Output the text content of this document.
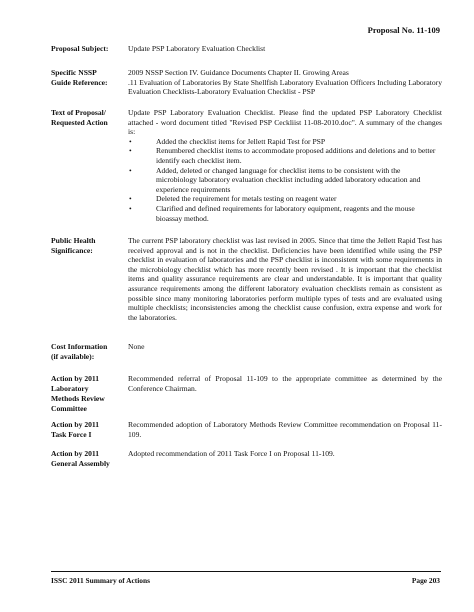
Proposal No. 11-109
Proposal Subject:	Update PSP Laboratory Evaluation Checklist

Specific NSSP
Guide Reference:

2009 NSSP Section IV. Guidance Documents Chapter II. Growing Areas

.11 Evaluation of Laboratories By State Shellfish Laboratory Evaluation Officers Including Laboratory Evaluation Checklists-Laboratory Evaluation Checklist - PSP

Text of Proposal/
Requested Action

Update PSP Laboratory Evaluation Checklist. Please find the updated PSP Laboratory Checklist attached - word document titled "Revised PSP Ceckliist 11-08-2010.doc". A summary of the changes is:

•	Added the checklist items for Jellett Rapid Test for PSP
•	Renumbered checklist items to accommodate proposed additions and deletions and to better identify each checklist item.
•	Added, deleted or changed language for checklist items to be consistent with the microbiology laboratory evaluation checklist including added laboratory education and experience requirements
•	Deleted the requirement for metals testing on reagent water
•	Clarified and defined requirements for laboratory equipment, reagents and the mouse bioassay method.
Public Health
Significance:

The current PSP laboratory checklist was last revised in 2005. Since that time the Jellett Rapid Test has received approval and is not in the checklist. Deficiencies have been identified while using the PSP checklist in evaluation of laboratories and the PSP checklist is inconsistent with some requirements in the microbiology checklist which has more recently been revised . It is important that the checklist items and quality assurance requirements are clear and understandable. It is important that quality assurance requirements among the different laboratory evaluation checklists remain as consistent as possible since many monitoring laboratories perform multiple types of tests and are evaluated using multiple checklists; inconsistencies among the checklist cause confusion, extra expense and work for the laboratories.

Cost Information
(if available):

None

Action by 2011
Laboratory
Methods Review
Committee

Recommended referral of Proposal 11-109 to the appropriate committee as determined by the Conference Chairman.

Action by 2011
Task Force I

Recommended adoption of Laboratory Methods Review Committee recommendation on Proposal 11-109.

Action by 2011
General Assembly

Adopted recommendation of 2011 Task Force I on Proposal 11-109.

ISSC 2011 Summary of Actions	Page 203
